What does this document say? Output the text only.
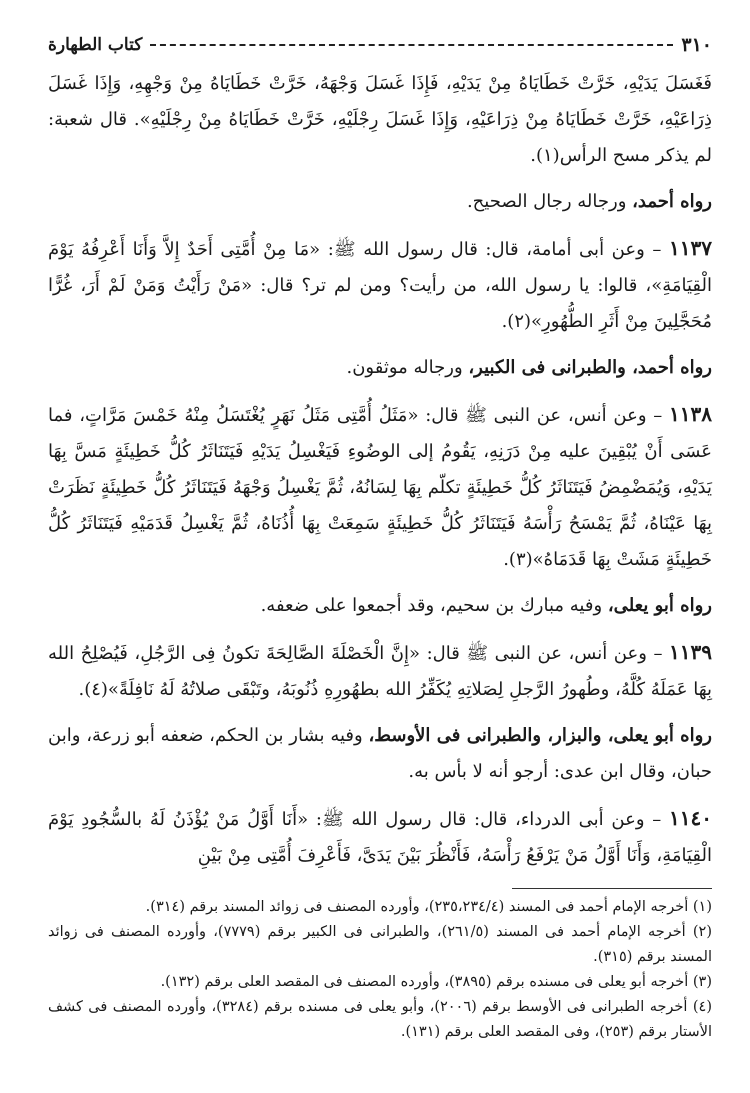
٣١٠
كتاب الطهارة

فَغَسَلَ يَدَيْهِ، خَرَّتْ خَطَايَاهُ مِنْ يَدَيْهِ، فَإِذَا غَسَلَ وَجْهَهُ، خَرَّتْ خَطَايَاهُ مِنْ وَجْهِهِ، وَإِذَا غَسَلَ ذِرَاعَيْهِ، خَرَّتْ خَطَايَاهُ مِنْ ذِرَاعَيْهِ، وَإِذَا غَسَلَ رِجْلَيْهِ، خَرَّتْ خَطَايَاهُ مِنْ رِجْلَيْهِ». قال شعبة: لم يذكر مسح الرأس(١).

رواه أحمد، ورجاله رجال الصحيح.

١١٣٧ – وعن أبى أمامة، قال: قال رسول الله ﷺ: «مَا مِنْ أُمَّتِى أَحَدٌ إِلاَّ وَأَنَا أَعْرِفُهُ يَوْمَ الْقِيَامَةِ»، قالوا: يا رسول الله، من رأيت؟ ومن لم تر؟ قال: «مَنْ رَأَيْتُ وَمَنْ لَمْ أَرَ، غُرًّا مُحَجَّلِينَ مِنْ أَثَرِ الطُّهُورِ»(٢).

رواه أحمد، والطبرانى فى الكبير، ورجاله موثقون.

١١٣٨ – وعن أنس، عن النبى ﷺ قال: «مَثَلُ أُمَّتِى مَثَلُ نَهَرٍ يُغْتَسَلُ مِنْهُ خَمْسَ مَرَّاتٍ، فما عَسَى أَنْ يُبْقِينَ عليه مِنْ دَرَنِهِ، يَقُومُ إلى الوضُوءِ فَيَغْسِلُ يَدَيْهِ فَيَتَنَاثَرُ كُلُّ خَطِيئَةٍ مَسَّ بِهَا يَدَيْهِ، وَيُمَضْمِضُ فَيَتَنَاثَرُ كُلُّ خَطِيئَةٍ تكلّم بِهَا لِسَانُهُ، ثُمَّ يَغْسِلُ وَجْهَهُ فَيَتَنَاثَرُ كُلُّ خَطِيئَةٍ نَظَرَتْ بِهَا عَيْنَاهُ، ثُمَّ يَمْسَحُ رَأْسَهُ فَيَتَنَاثَرُ كُلُّ خَطِيئَةٍ سَمِعَتْ بِهَا أُذُنَاهُ، ثُمَّ يَغْسِلُ قَدَمَيْهِ فَيَتَنَاثَرُ كُلُّ خَطِيئَةٍ مَشَتْ بِهَا قَدَمَاهُ»(٣).

رواه أبو يعلى، وفيه مبارك بن سحيم، وقد أجمعوا على ضعفه.

١١٣٩ – وعن أنس، عن النبى ﷺ قال: «إِنَّ الْخَصْلَةَ الصَّالِحَةَ تكونُ فِى الرَّجُلِ، فَيُصْلِحُ الله بِهَا عَمَلَهُ كُلَّهُ، وطُهورُ الرَّجلِ لِصَلاتِهِ يُكَفِّرُ الله بطهُورِهِ ذُنُوبَهُ، وتَبْقَى صلاتُهُ لَهُ نَافِلَةً»(٤).

رواه أبو يعلى، والبزار، والطبرانى فى الأوسط، وفيه بشار بن الحكم، ضعفه أبو زرعة، وابن حبان، وقال ابن عدى: أرجو أنه لا بأس به.

١١٤٠ – وعن أبى الدرداء، قال: قال رسول الله ﷺ: «أَنَا أَوَّلُ مَنْ يُؤْذَنُ لَهُ بالسُّجُودِ يَوْمَ الْقِيَامَةِ، وَأَنَا أَوَّلُ مَنْ يَرْفَعُ رَأْسَهُ، فَأَنْظُرَ بَيْنَ يَدَىَّ، فَأَعْرِفَ أُمَّتِى مِنْ بَيْنِ

(١) أخرجه الإمام أحمد فى المسند (٢٣٥،٢٣٤/٤)، وأورده المصنف فى زوائد المسند برقم (٣١٤).

(٢) أخرجه الإمام أحمد فى المسند (٢٦١/٥)، والطبرانى فى الكبير برقم (٧٧٧٩)، وأورده المصنف فى زوائد المسند برقم (٣١٥).

(٣) أخرجه أبو يعلى فى مسنده برقم (٣٨٩٥)، وأورده المصنف فى المقصد العلى برقم (١٣٢).

(٤) أخرجه الطبرانى فى الأوسط برقم (٢٠٠٦)، وأبو يعلى فى مسنده برقم (٣٢٨٤)، وأورده المصنف فى كشف الأستار برقم (٢٥٣)، وفى المقصد العلى برقم (١٣١).
